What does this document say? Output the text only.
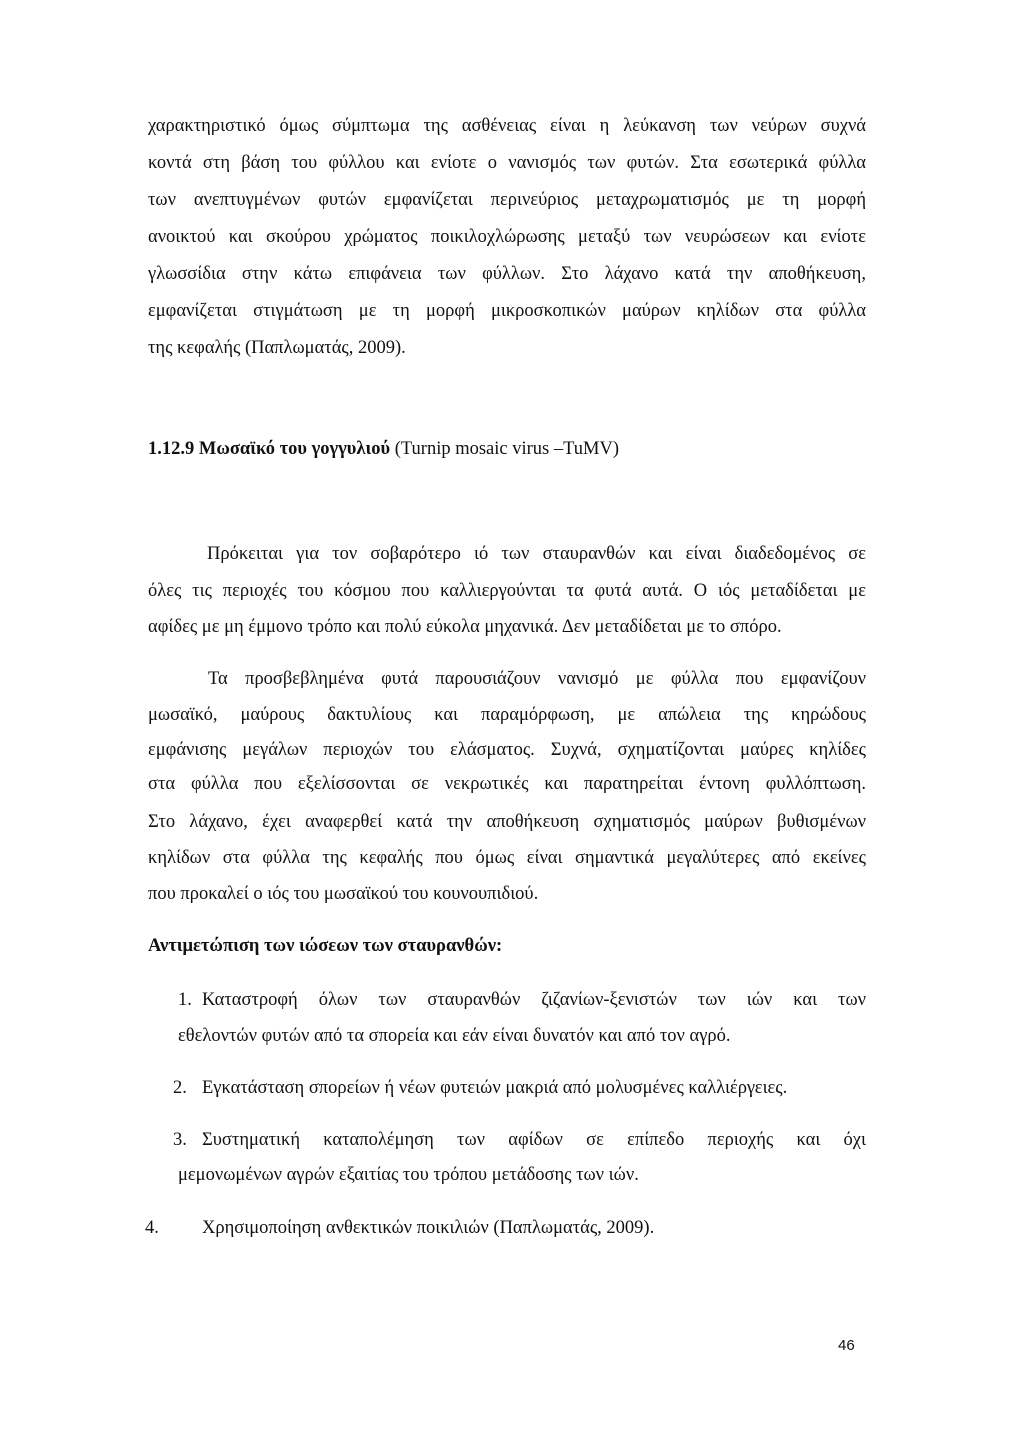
χαρακτηριστικό όμως σύμπτωμα της ασθένειας είναι η λεύκανση των νεύρων συχνά
κοντά στη βάση του φύλλου και ενίοτε ο νανισμός των φυτών. Στα εσωτερικά φύλλα
των ανεπτυγμένων φυτών εμφανίζεται περινεύριος μεταχρωματισμός με τη μορφή
ανοικτού και σκούρου χρώματος ποικιλοχλώρωσης μεταξύ των νευρώσεων και ενίοτε
γλωσσίδια στην κάτω επιφάνεια των φύλλων. Στο λάχανο κατά την αποθήκευση,
εμφανίζεται στιγμάτωση με τη μορφή μικροσκοπικών μαύρων κηλίδων στα φύλλα
της κεφαλής (Παπλωματάς, 2009).
1.12.9 Μωσαϊκό του γογγυλιού (Turnip mosaic virus –TuMV)
Πρόκειται για τον σοβαρότερο ιό των σταυρανθών και είναι διαδεδομένος σε
όλες τις περιοχές του κόσμου που καλλιεργούνται τα φυτά αυτά. Ο ιός μεταδίδεται με
αφίδες με μη έμμονο τρόπο και πολύ εύκολα μηχανικά. Δεν μεταδίδεται με το σπόρο.
Τα προσβεβλημένα φυτά παρουσιάζουν νανισμό με φύλλα που εμφανίζουν
μωσαϊκό, μαύρους δακτυλίους και παραμόρφωση, με απώλεια της κηρώδους
εμφάνισης μεγάλων περιοχών του ελάσματος. Συχνά, σχηματίζονται μαύρες κηλίδες
στα φύλλα που εξελίσσονται σε νεκρωτικές και παρατηρείται έντονη φυλλόπτωση.
Στο λάχανο, έχει αναφερθεί κατά την αποθήκευση σχηματισμός μαύρων βυθισμένων
κηλίδων στα φύλλα της κεφαλής που όμως είναι σημαντικά μεγαλύτερες από εκείνες
που προκαλεί ο ιός του μωσαϊκού του κουνουπιδιού.
Αντιμετώπιση των ιώσεων των σταυρανθών:
1. Καταστροφή όλων των σταυρανθών ζιζανίων-ξενιστών των ιών και των
εθελοντών φυτών από τα σπορεία και εάν είναι δυνατόν και από τον αγρό.
2. Εγκατάσταση σπορείων ή νέων φυτειών μακριά από μολυσμένες καλλιέργειες.
3. Συστηματική καταπολέμηση των αφίδων σε επίπεδο περιοχής και όχι
μεμονωμένων αγρών εξαιτίας του τρόπου μετάδοσης των ιών.
4. Χρησιμοποίηση ανθεκτικών ποικιλιών (Παπλωματάς, 2009).
46
